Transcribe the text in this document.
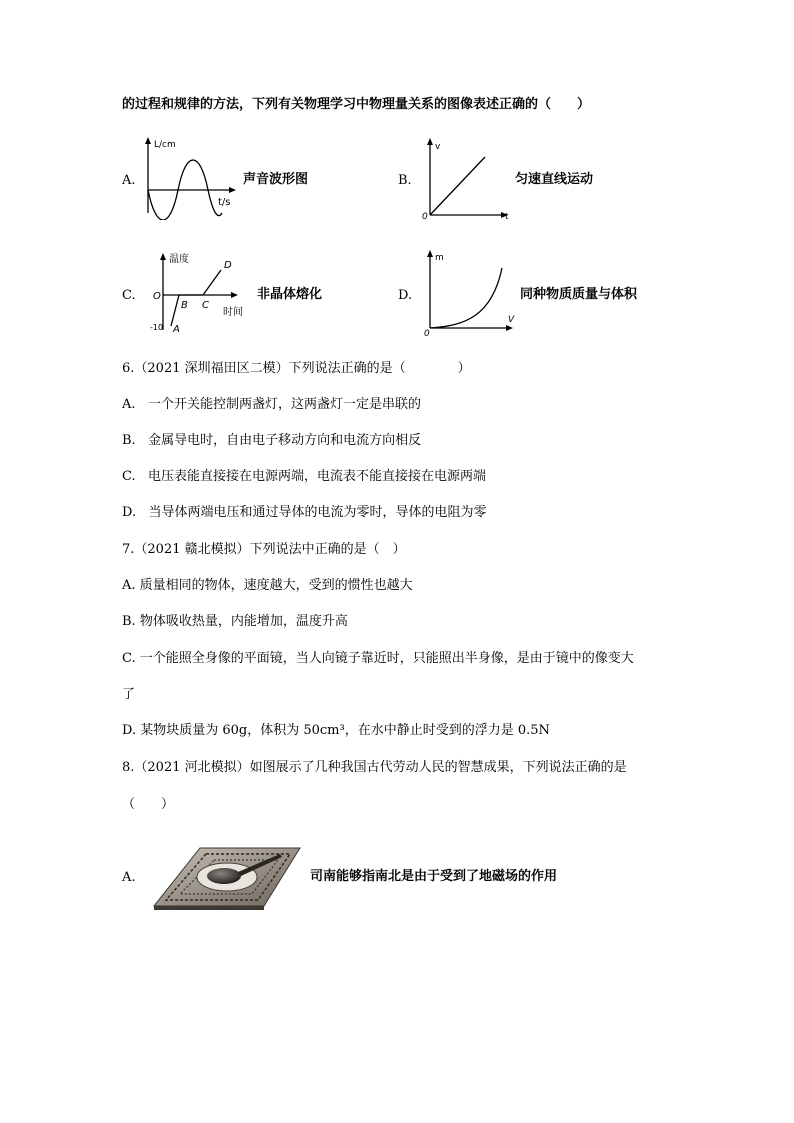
的过程和规律的方法，下列有关物理学习中物理量关系的图像表述正确的（　　）
A.
L/cm
t/s
声音波形图	B.
v
t
0
匀速直线运动
C.
温度
时间
O
A
B C
D
-10
非晶体熔化	D.
m
V
0
同种物质质量与体积
6.（2021 深圳福田区二模）下列说法正确的是（　　　　）
A. 一个开关能控制两盏灯，这两盏灯一定是串联的
B. 金属导电时，自由电子移动方向和电流方向相反
C. 电压表能直接接在电源两端，电流表不能直接接在电源两端
D. 当导体两端电压和通过导体的电流为零时，导体的电阻为零
7.（2021 赣北模拟）下列说法中正确的是（　）
A. 质量相同的物体，速度越大，受到的惯性也越大
B. 物体吸收热量，内能增加，温度升高
C. 一个能照全身像的平面镜，当人向镜子靠近时，只能照出半身像，是由于镜中的像变大
了
D. 某物块质量为 60g，体积为 50cm³，在水中静止时受到的浮力是 0.5N
8.（2021 河北模拟）如图展示了几种我国古代劳动人民的智慧成果，下列说法正确的是
（　　）
A.	司南能够指南北是由于受到了地磁场的作用
